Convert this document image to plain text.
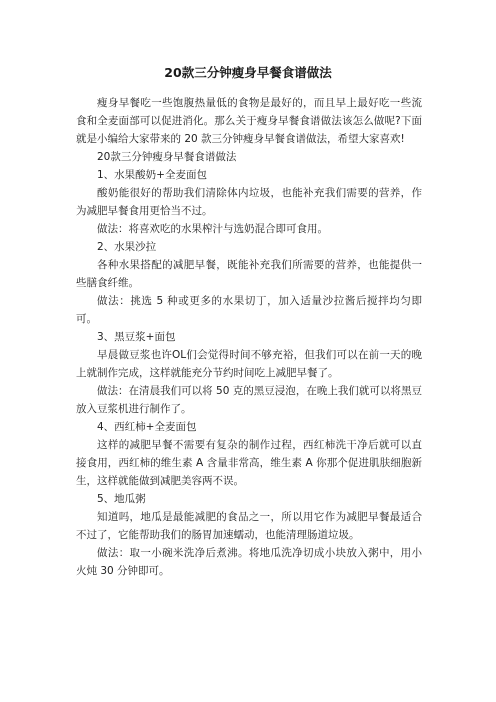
20款三分钟瘦身早餐食谱做法

瘦身早餐吃一些饱腹热量低的食物是最好的，而且早上最好吃一些流食和全麦面部可以促进消化。那么关于瘦身早餐食谱做法该怎么做呢?下面就是小编给大家带来的 20 款三分钟瘦身早餐食谱做法，希望大家喜欢!

20款三分钟瘦身早餐食谱做法

1、水果酸奶+全麦面包

酸奶能很好的帮助我们清除体内垃圾，也能补充我们需要的营养，作为减肥早餐食用更恰当不过。

做法：将喜欢吃的水果榨汁与选奶混合即可食用。

2、水果沙拉

各种水果搭配的减肥早餐，既能补充我们所需要的营养，也能提供一些膳食纤维。

做法：挑选 5 种或更多的水果切丁，加入适量沙拉酱后搅拌均匀即可。

3、黑豆浆+面包

早晨做豆浆也许OL们会觉得时间不够充裕，但我们可以在前一天的晚上就制作完成，这样就能充分节约时间吃上减肥早餐了。

做法：在清晨我们可以将 50 克的黑豆浸泡，在晚上我们就可以将黑豆放入豆浆机进行制作了。

4、西红柿+全麦面包

这样的减肥早餐不需要有复杂的制作过程，西红柿洗干净后就可以直接食用，西红柿的维生素 A 含量非常高，维生素 A 你那个促进肌肤细胞新生，这样就能做到减肥美容两不误。

5、地瓜粥

知道吗，地瓜是最能减肥的食品之一，所以用它作为减肥早餐最适合不过了，它能帮助我们的肠胃加速蠕动，也能清理肠道垃圾。

做法：取一小碗米洗净后煮沸。将地瓜洗净切成小块放入粥中，用小火炖 30 分钟即可。
